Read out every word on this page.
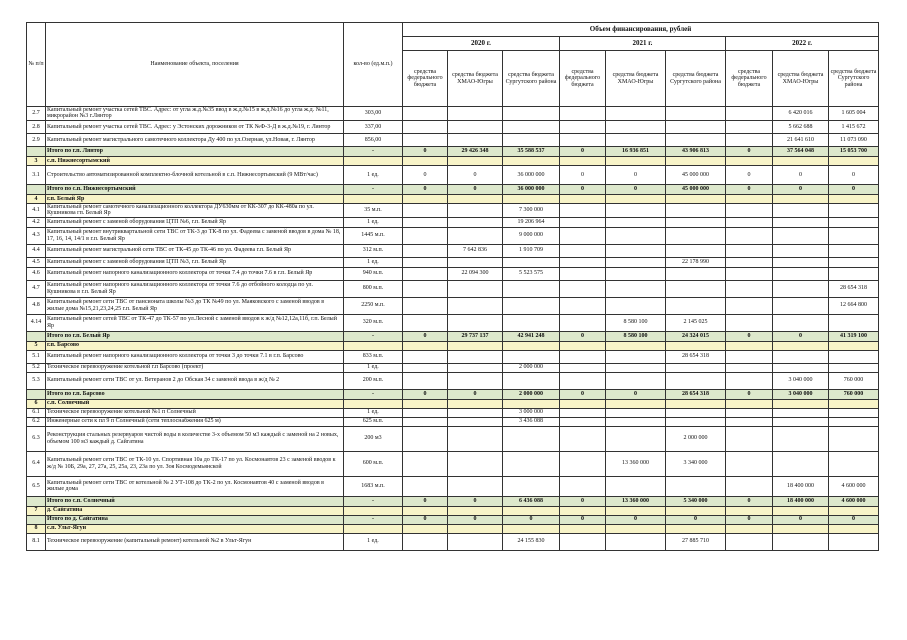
№ п/п	Наименование объекта, поселения	кол-во (ед.м.п.)	Объем финансирования, рублей								
			2020 г.			2021 г.			2022 г.		
			средства федерального бюджета	средства бюджета ХМАО-Югры	средства бюджета Сургутского района	средства федерального бюджета	средства бюджета ХМАО-Югры	средства бюджета Сургутского района	средства федерального бюджета	средства бюджета ХМАО-Югры	средства бюджета Сургутского района
2.7	Капитальный ремонт участка сетей ТВС. Адрес: от угла ж.д.№35 ввод в ж.д.№15 в ж.д.№16 до угла ж.д. №11, микрорайон №3 г.Лянтор	303,00								6 420 016	1 605 004
2.8	Капитальный ремонт участка сетей ТВС. Адрес: у Эстонских дорожников от ТК №Ф-3-Д в ж.д.№19, г. Лянтор	337,00								5 662 688	1 415 672
2.9	Капитальный ремонт магистрального самотечного коллектора Ду 400 по ул.Озерная, ул.Новая, г. Лянтор	856,00								21 641 610	11 073 090
	Итого по г.п. Лянтор	-	0	29 426 348	35 588 537	0	16 936 851	43 906 813	0	37 564 048	15 053 700
3	с.п. Нижнесортымский										
3.1	Строительство автоматизированной комплектно-блочной котельной в с.п. Нижнесортымский (9 МВт/час)	1 ед.	0	0	36 000 000	0	0	45 000 000	0	0	0
	Итого по с.п. Нижнесортымский	-	0	0	36 000 000	0	0	45 000 000	0	0	0
4	г.п. Белый Яр										
4.1	Капитальный ремонт самотечного канализационного коллектора ДУ630мм от КК-307 до КК-480а по ул. Кушникова гп. Белый Яр	35 м.п.			7 300 000						
4.2	Капитальный ремонт с заменой оборудования ЦТП №6, г.п. Белый Яр	1 ед.			19 206 964						
4.3	Капитальный ремонт внутриквартальной сети ТВС от ТК-3 до ТК-8 по ул. Фадеева с заменой вводов в дома № 18, 17, 16, 14, 14/1 в г.п. Белый Яр	1445 м.п.			9 000 000						
4.4	Капитальный ремонт магистральной сети ТВС от ТК-45 до ТК-46 по ул. Фадеева г.п. Белый Яр	312 м.п.		7 642 836	1 910 709						
4.5	Капитальный ремонт с заменой оборудования ЦТП №3, г.п. Белый Яр	1 ед.						22 178 990			
4.6	Капитальный ремонт напорного канализационного коллектора от точки 7.4 до точки 7.6 в г.п. Белый Яр	940 м.п.		22 094 300	5 523 575						
4.7	Капитальный ремонт напорного канализационного коллектора от точки 7.6 до отбойного колодца по ул. Кушникова в г.п. Белый Яр	800 м.п.									28 654 318
4.8	Капитальный ремонт сети ТВС от пансионата школы №3 до ТК №49 по ул. Маяковского с заменой вводов в жилые дома №15,21,23,24,25 г.п. Белый Яр	2250 м.п.									12 664 800
4.14	Капитальный ремонт сетей ТВС от ТК-47 до ТК-57 по ул.Лесной с заменой вводов к ж/д №12,12а,11б, г.п. Белый Яр	320 м.п.					8 580 100	2 145 025			
	Итого по г.п. Белый Яр	-	0	29 737 137	42 941 248	0	8 580 100	24 324 015	0	0	41 319 100
5	г.п. Барсово										
5.1	Капитальный ремонт напорного канализационного коллектора от точки 3 до точки 7.1 в г.п. Барсово	833 м.п.						28 654 318			
5.2	Техническое перевооружение котельной г.п Барсово (проект)	1 ед.			2 000 000						
5.3	Капитальный ремонт сети ТВС от ул. Ветеранов 2 до Обская 34 с заменой ввода в ж/д № 2	200 м.п.								3 040 000	760 000
	Итого по г.п. Барсово	-	0	0	2 000 000	0	0	28 654 318	0	3 040 000	760 000
6	с.п. Солнечный										
6.1	Техническое перевооружение котельной №1 п Солнечный	1 ед.			3 000 000						
6.2	Инженерные сети к пл 9 п Солнечный (сети теплоснабжения 625 м)	625 м.п.			3 436 088						
6.3	Реконструкция стальных резервуаров чистой воды в количестве 3-х объемом 50 м3 каждый с заменой на 2 новых, объемом 100 м3 каждый д. Сайгатина	200 м3						2 000 000			
6.4	Капитальный ремонт сети ТВС от ТК-10 ул. Спортивная 10а до ТК-17 по ул. Космонавтов 23 с заменой вводов к ж/д № 10Б, 29а, 27, 27а, 25, 25а, 23, 23а по ул. Зоя Космодемьянской	600 м.п.					13 360 000	3 340 000			
6.5	Капитальный ремонт сети ТВС от котельной № 2 УТ-108 до ТК-2 по ул. Космонавтов 40 с заменой вводов в жилые дома	1683 м.п.								18 400 000	4 600 000
	Итого по с.п. Солнечный	-	0	0	6 436 088	0	13 360 000	5 340 000	0	18 400 000	4 600 000
7	д. Сайгатина										
	Итого по д. Сайгатина	-	0	0	0	0	0	0	0	0	0
8	с.п. Ульт-Ягун										
8.1	Техническое перевооружение (капитальный ремонт) котельной №2 в Ульт-Ягун	1 ед.			24 155 830			27 885 710			
